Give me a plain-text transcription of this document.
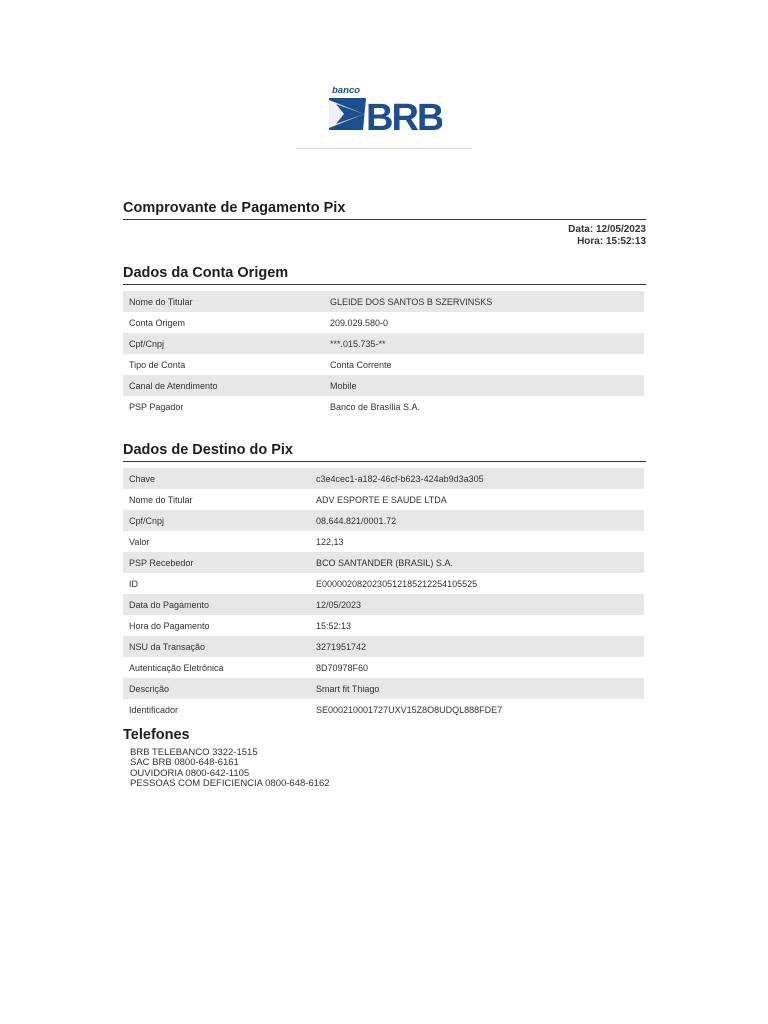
banco
BRB
Comprovante de Pagamento Pix
Data: 12/05/2023
Hora: 15:52:13
Dados da Conta Origem
Nome do Titular	GLEIDE DOS SANTOS B SZERVINSKS
Conta Origem	209.029.580-0
Cpf/Cnpj	***.015.735-**
Tipo de Conta	Conta Corrente
Canal de Atendimento	Mobile
PSP Pagador	Banco de Brasília S.A.
Dados de Destino do Pix
Chave	c3e4cec1-a182-46cf-b623-424ab9d3a305
Nome do Titular	ADV ESPORTE E SAUDE LTDA
Cpf/Cnpj	08.644.821/0001.72
Valor	122,13
PSP Recebedor	BCO SANTANDER (BRASIL) S.A.
ID	E00000208202305121852122541055​25
Data do Pagamento	12/05/2023
Hora do Pagamento	15:52:13
NSU da Transação	3271951742
Autenticação Eletrônica	8D70978F60
Descrição	Smart fit Thiago
Identificador	SE000210001727UXV15Z8O8UDQL888FDE7
Telefones
BRB TELEBANCO 3322-1515
SAC BRB 0800-648-6161
OUVIDORIA 0800-642-1105
PESSOAS COM DEFICIENCIA 0800-648-6162
